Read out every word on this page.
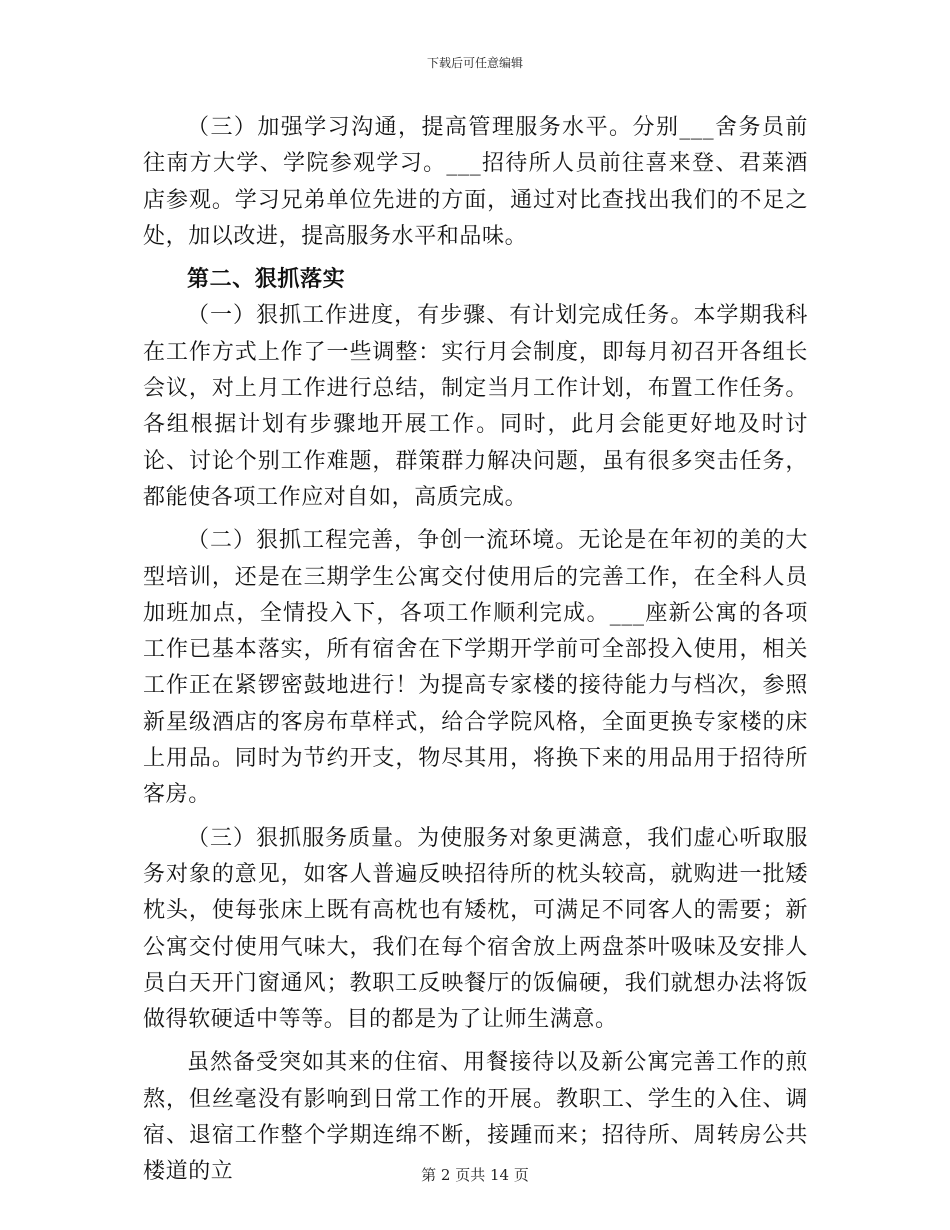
下载后可任意编辑

（三）加强学习沟通，提高管理服务水平。分别___舍务员前往南方大学、学院参观学习。___招待所人员前往喜来登、君莱酒店参观。学习兄弟单位先进的方面，通过对比查找出我们的不足之处，加以改进，提高服务水平和品味。

第二、狠抓落实

（一）狠抓工作进度，有步骤、有计划完成任务。本学期我科在工作方式上作了一些调整：实行月会制度，即每月初召开各组长会议，对上月工作进行总结，制定当月工作计划，布置工作任务。各组根据计划有步骤地开展工作。同时，此月会能更好地及时讨论、讨论个别工作难题，群策群力解决问题，虽有很多突击任务，都能使各项工作应对自如，高质完成。

（二）狠抓工程完善，争创一流环境。无论是在年初的美的大型培训，还是在三期学生公寓交付使用后的完善工作，在全科人员加班加点，全情投入下，各项工作顺利完成。___座新公寓的各项工作已基本落实，所有宿舍在下学期开学前可全部投入使用，相关工作正在紧锣密鼓地进行！为提高专家楼的接待能力与档次，参照新星级酒店的客房布草样式，给合学院风格，全面更换专家楼的床上用品。同时为节约开支，物尽其用，将换下来的用品用于招待所客房。

（三）狠抓服务质量。为使服务对象更满意，我们虚心听取服务对象的意见，如客人普遍反映招待所的枕头较高，就购进一批矮枕头，使每张床上既有高枕也有矮枕，可满足不同客人的需要；新公寓交付使用气味大，我们在每个宿舍放上两盘茶叶吸味及安排人员白天开门窗通风；教职工反映餐厅的饭偏硬，我们就想办法将饭做得软硬适中等等。目的都是为了让师生满意。

虽然备受突如其来的住宿、用餐接待以及新公寓完善工作的煎熬，但丝毫没有影响到日常工作的开展。教职工、学生的入住、调宿、退宿工作整个学期连绵不断，接踵而来；招待所、周转房公共楼道的立	第 2 页共 14 页
